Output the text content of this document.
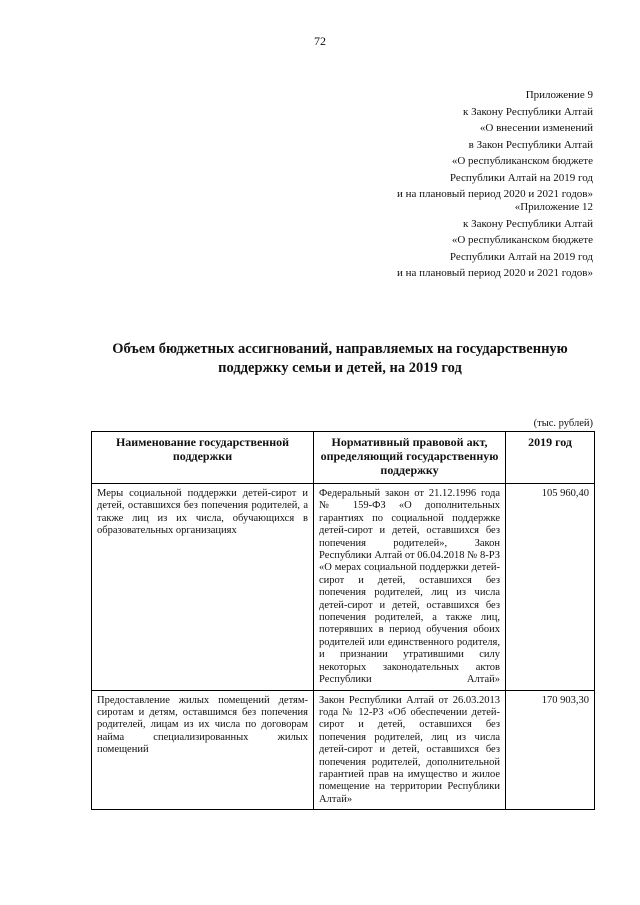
72
Приложение 9
к Закону Республики Алтай
«О внесении изменений
в Закон Республики Алтай
«О республиканском бюджете
Республики Алтай на 2019 год
и на плановый период 2020 и 2021 годов»
«Приложение 12
к Закону Республики Алтай
«О республиканском бюджете
Республики Алтай на 2019 год
и на плановый период 2020 и 2021 годов»
Объем бюджетных ассигнований, направляемых на государственную
поддержку семьи и детей, на 2019 год
(тыс. рублей)
Наименование государственной поддержки	Нормативный правовой акт, определяющий государственную поддержку	2019 год
Меры социальной поддержки детей-сирот и детей, оставшихся без попечения родителей, а также лиц из их числа, обучающихся в образовательных организациях	Федеральный закон от 21.12.1996 года № 159-ФЗ «О дополнительных гарантиях по социальной поддержке детей-сирот и детей, оставшихся без попечения родителей», Закон Республики Алтай от 06.04.2018 № 8-РЗ «О мерах социальной поддержки детей-сирот и детей, оставшихся без попечения родителей, лиц из числа детей-сирот и детей, оставшихся без попечения родителей, а также лиц, потерявших в период обучения обоих родителей или единственного родителя, и признании утратившими силу некоторых законодательных актов Республики Алтай»	105 960,40
Предоставление жилых помещений детям-сиротам и детям, оставшимся без попечения родителей, лицам из их числа по договорам найма специализированных жилых помещений	Закон Республики Алтай от 26.03.2013 года № 12-РЗ «Об обеспечении детей-сирот и детей, оставшихся без попечения родителей, лиц из числа детей-сирот и детей, оставшихся без попечения родителей, дополнительной гарантией прав на имущество и жилое помещение на территории Республики Алтай»	170 903,30
